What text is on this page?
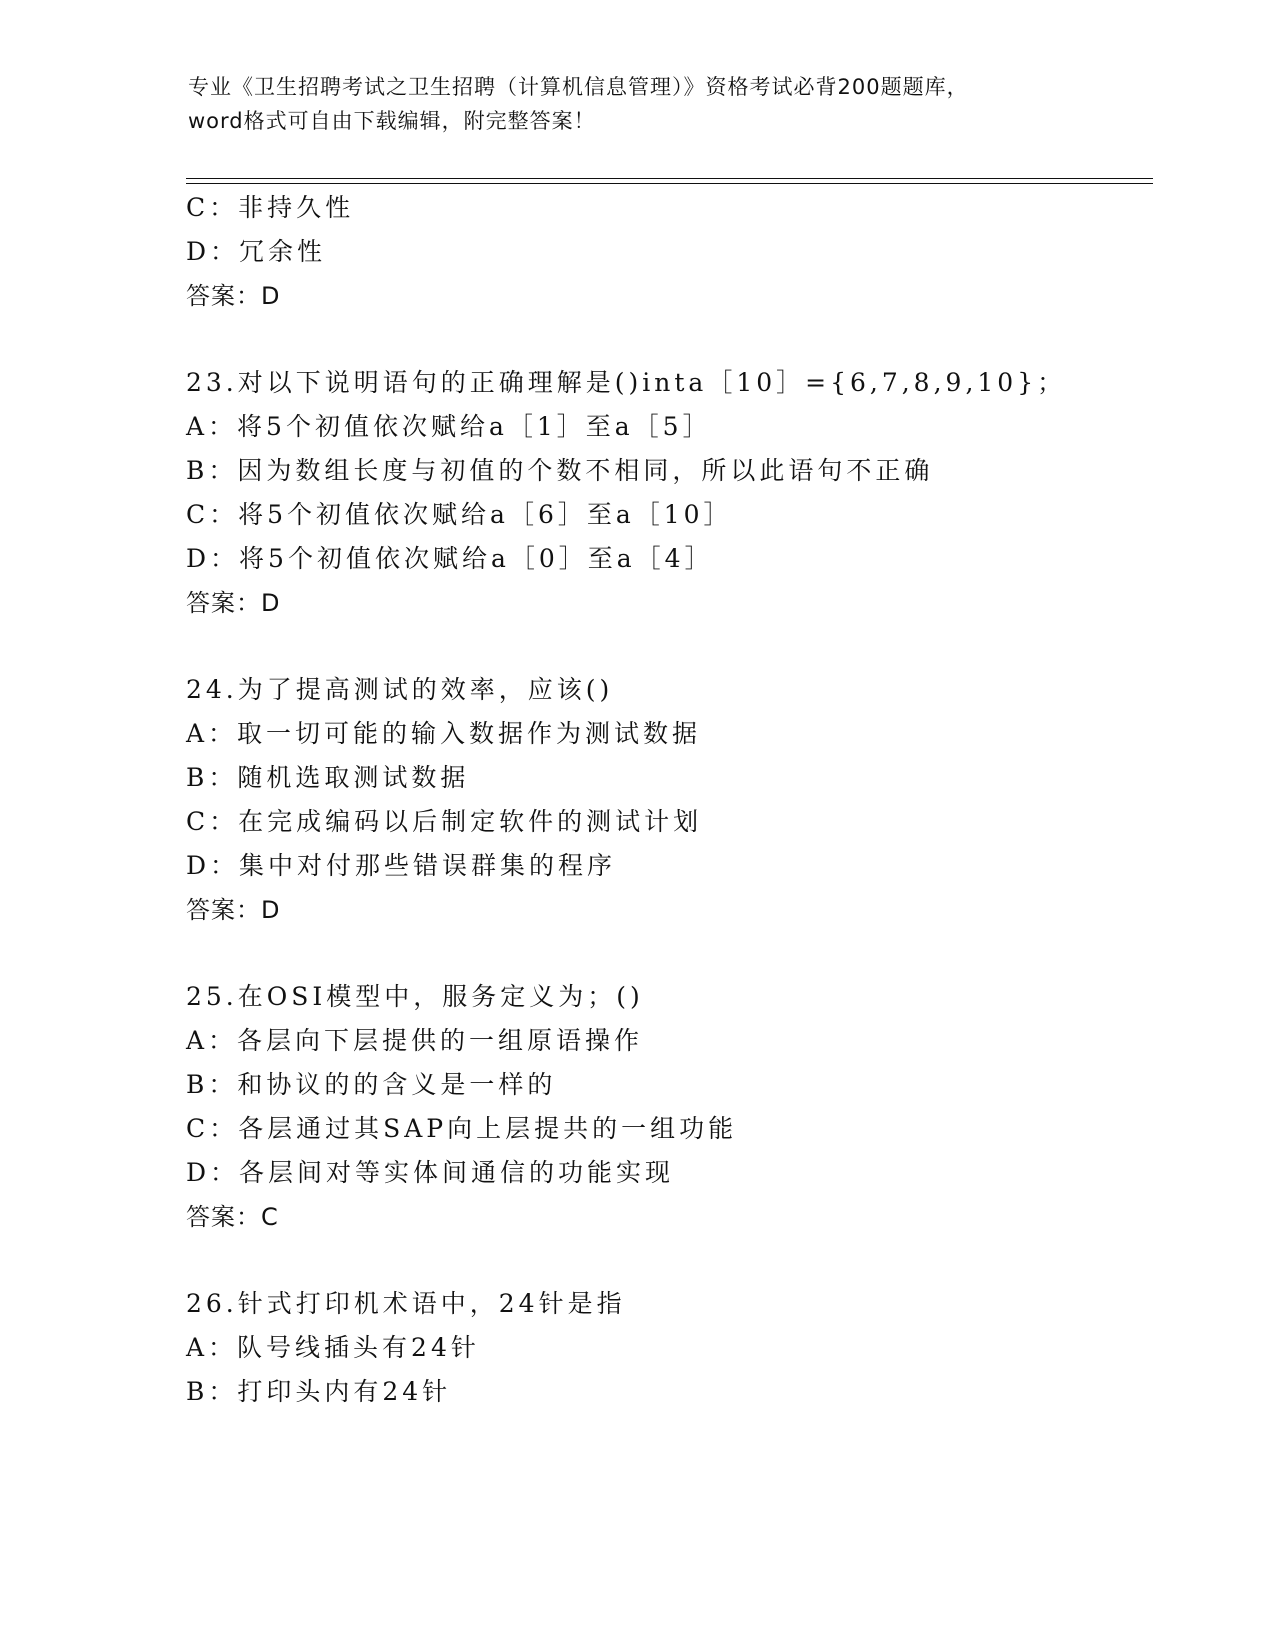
专业《卫生招聘考试之卫生招聘（计算机信息管理）》资格考试必背200题题库，
word格式可自由下载编辑，附完整答案！
C：非持久性
D：冗余性
答案：D
23.对以下说明语句的正确理解是()inta［10］={6,7,8,9,10}；
A：将5个初值依次赋给a［1］至a［5］
B：因为数组长度与初值的个数不相同，所以此语句不正确
C：将5个初值依次赋给a［6］至a［10］
D：将5个初值依次赋给a［0］至a［4］
答案：D
24.为了提高测试的效率，应该()
A：取一切可能的输入数据作为测试数据
B：随机选取测试数据
C：在完成编码以后制定软件的测试计划
D：集中对付那些错误群集的程序
答案：D
25.在OSI模型中，服务定义为；()
A：各层向下层提供的一组原语操作
B：和协议的的含义是一样的
C：各层通过其SAP向上层提共的一组功能
D：各层间对等实体间通信的功能实现
答案：C
26.针式打印机术语中，24针是指
A：队号线插头有24针
B：打印头内有24针
